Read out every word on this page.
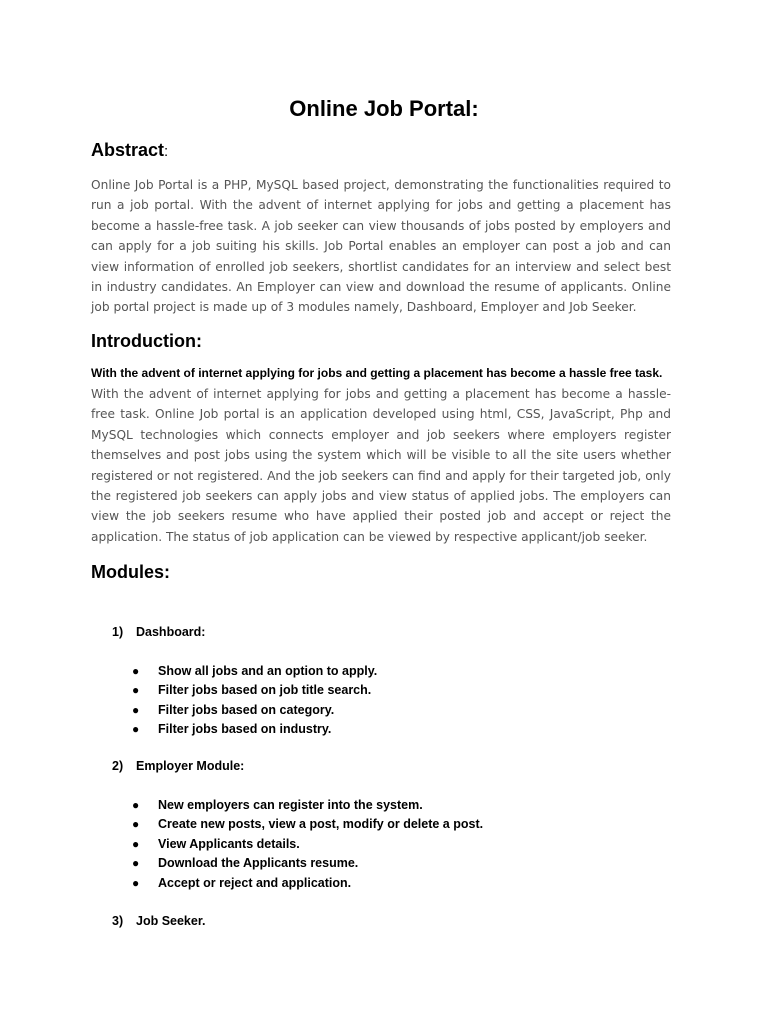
Online Job Portal:
Abstract:
Online Job Portal is a PHP, MySQL based project, demonstrating the functionalities required to run a job portal. With the advent of internet applying for jobs and getting a placement has become a hassle-free task. A job seeker can view thousands of jobs posted by employers and can apply for a job suiting his skills. Job Portal enables an employer can post a job and can view information of enrolled job seekers, shortlist candidates for an interview and select best in industry candidates. An Employer can view and download the resume of applicants. Online job portal project is made up of 3 modules namely, Dashboard, Employer and Job Seeker.
Introduction:
With the advent of internet applying for jobs and getting a placement has become a hassle free task.
With the advent of internet applying for jobs and getting a placement has become a hassle-free task. Online Job portal is an application developed using html, CSS, JavaScript, Php and MySQL technologies which connects employer and job seekers where employers register themselves and post jobs using the system which will be visible to all the site users whether registered or not registered. And the job seekers can find and apply for their targeted job, only the registered job seekers can apply jobs and view status of applied jobs. The employers can view the job seekers resume who have applied their posted job and accept or reject the application. The status of job application can be viewed by respective applicant/job seeker.
Modules:
1) Dashboard:
● Show all jobs and an option to apply.
● Filter jobs based on job title search.
● Filter jobs based on category.
● Filter jobs based on industry.
2) Employer Module:
● New employers can register into the system.
● Create new posts, view a post, modify or delete a post.
● View Applicants details.
● Download the Applicants resume.
● Accept or reject and application.
3) Job Seeker.
